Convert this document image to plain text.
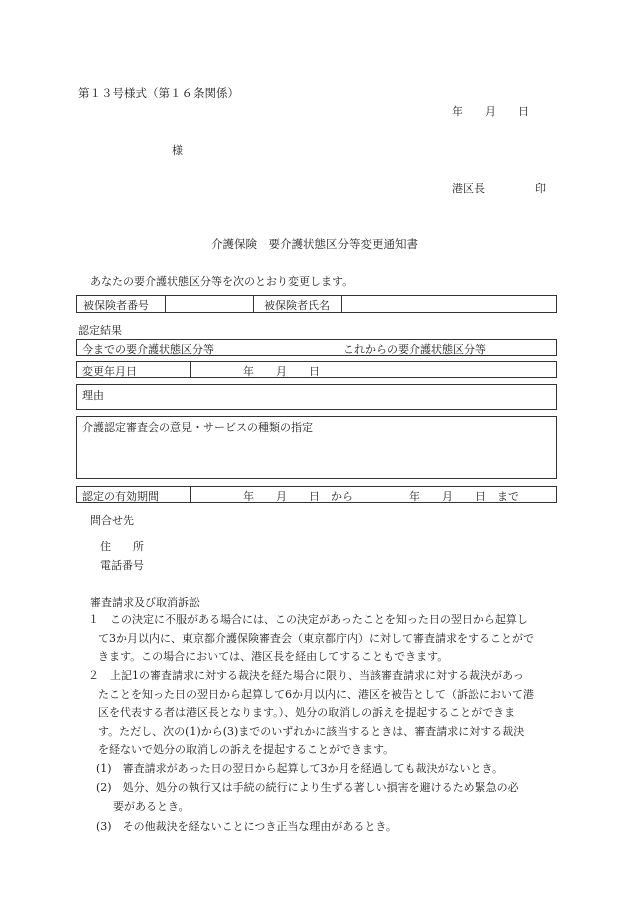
第１３号様式（第１６条関係）
年　　月　　日
様
港区長	印
介護保険　要介護状態区分等変更通知書
あなたの要介護状態区分等を次のとおり変更します。
被保険者番号	被保険者氏名
認定結果
今までの要介護状態区分等	これからの要介護状態区分等
変更年月日	年　　月　　日
理由
介護認定審査会の意見・サービスの種類の指定
認定の有効期間	年　　月　　日　から	年　　月　　日　まで
問合せ先
住　　所
電話番号
審査請求及び取消訴訟
１　この決定に不服がある場合には、この決定があったことを知った日の翌日から起算し
て3か月以内に、東京都介護保険審査会（東京都庁内）に対して審査請求をすることがで
きます。この場合においては、港区長を経由してすることもできます。
２　上記1の審査請求に対する裁決を経た場合に限り、当該審査請求に対する裁決があっ
たことを知った日の翌日から起算して6か月以内に、港区を被告として（訴訟において港
区を代表する者は港区長となります。）、処分の取消しの訴えを提起することができま
す。ただし、次の(1)から(3)までのいずれかに該当するときは、審査請求に対する裁決
を経ないで処分の取消しの訴えを提起することができます。
(1)　審査請求があった日の翌日から起算して3か月を経過しても裁決がないとき。
(2)　処分、処分の執行又は手続の続行により生ずる著しい損害を避けるため緊急の必
要があるとき。
(3)　その他裁決を経ないことにつき正当な理由があるとき。
